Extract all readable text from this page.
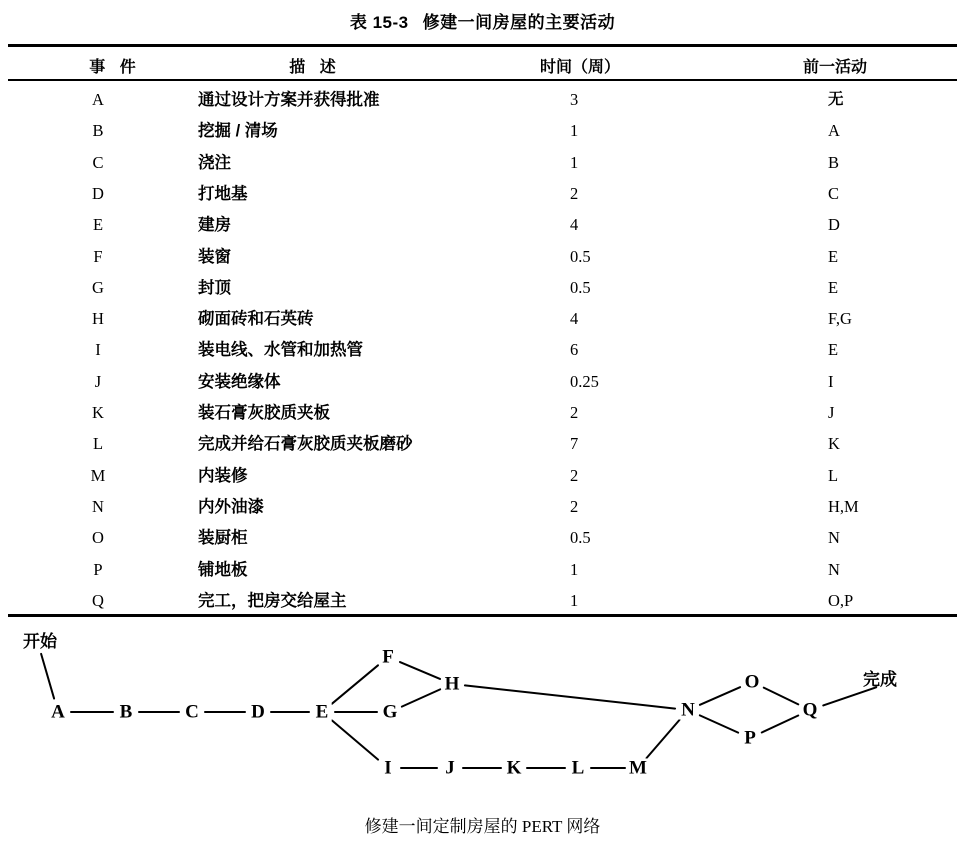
表 15-3 修建一间房屋的主要活动
事 件	描 述	时间（周）	前一活动
A	通过设计方案并获得批准	3	无
B	挖掘 / 清场	1	A
C	浇注	1	B
D	打地基	2	C
E	建房	4	D
F	装窗	0.5	E
G	封顶	0.5	E
H	砌面砖和石英砖	4	F,G
I	装电线、水管和加热管	6	E
J	安装绝缘体	0.25	I
K	装石膏灰胶质夹板	2	J
L	完成并给石膏灰胶质夹板磨砂	7	K
M	内装修	2	L
N	内外油漆	2	H,M
O	装厨柜	0.5	N
P	铺地板	1	N
Q	完工，把房交给屋主	1	O,P
A	B	C	D	E
F
G
H
I	J	K	L M
N
O
P
Q
开始
完成
修建一间定制房屋的 PERT 网络
